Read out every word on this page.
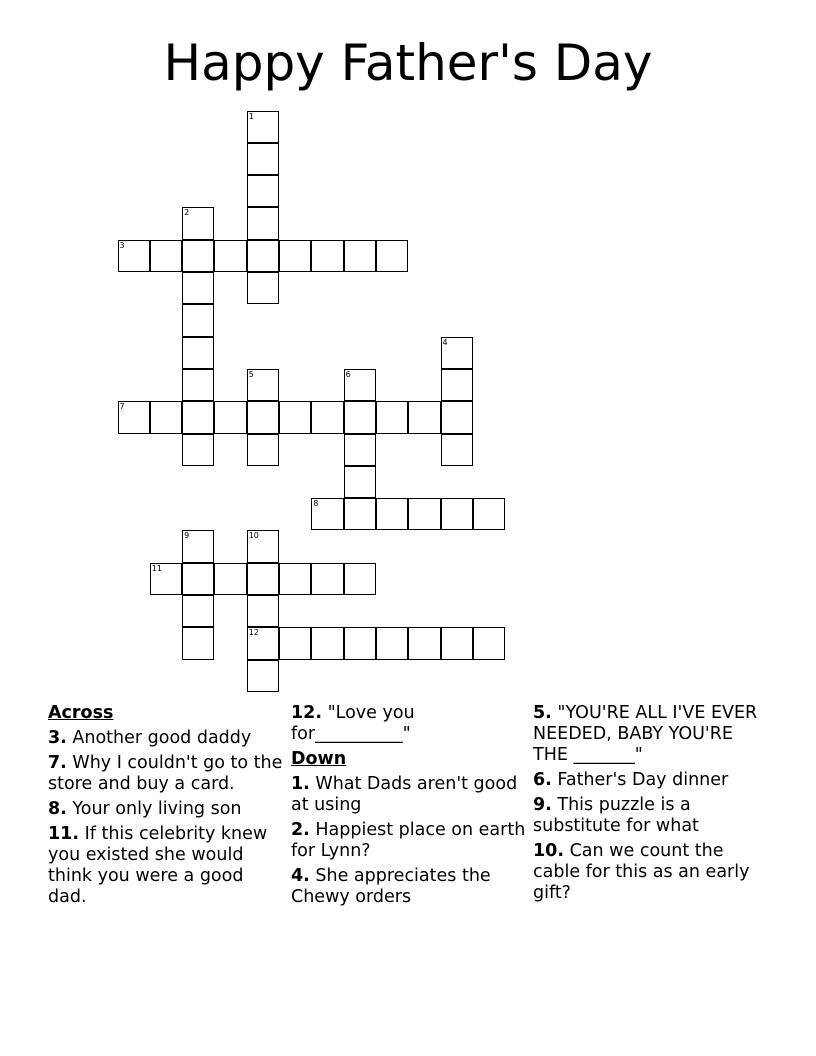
Happy Father's Day
1
2
3
4
5	6
7
8
9	10
11
12
Across
3. Another good daddy
7. Why I couldn't go to the store and buy a card.
8. Your only living son
11. If this celebrity knew you existed she would think you were a good dad.
12. "Love you for__________"
Down
1. What Dads aren't good at using
2. Happiest place on earth for Lynn?
4. She appreciates the Chewy orders
5. "YOU'RE ALL I'VE EVER NEEDED, BABY YOU'RE THE _______"
6. Father's Day dinner
9. This puzzle is a substitute for what
10. Can we count the cable for this as an early gift?
